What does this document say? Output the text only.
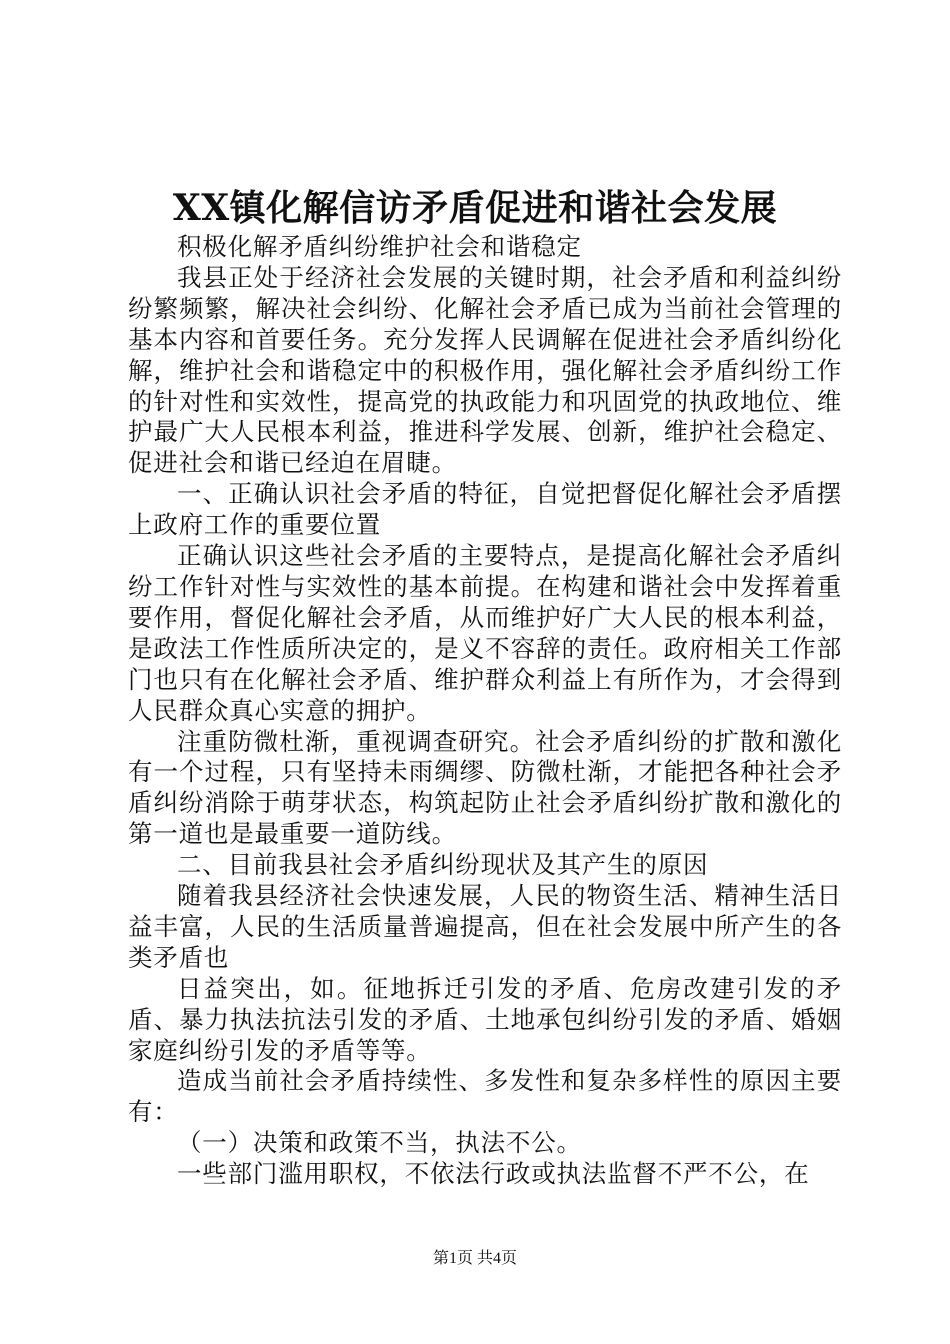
XX镇化解信访矛盾促进和谐社会发展

积极化解矛盾纠纷维护社会和谐稳定

我县正处于经济社会发展的关键时期，社会矛盾和利益纠纷纷繁频繁，解决社会纠纷、化解社会矛盾已成为当前社会管理的基本内容和首要任务。充分发挥人民调解在促进社会矛盾纠纷化解，维护社会和谐稳定中的积极作用，强化解社会矛盾纠纷工作的针对性和实效性，提高党的执政能力和巩固党的执政地位、维护最广大人民根本利益，推进科学发展、创新，维护社会稳定、促进社会和谐已经迫在眉睫。

一、正确认识社会矛盾的特征，自觉把督促化解社会矛盾摆上政府工作的重要位置

正确认识这些社会矛盾的主要特点，是提高化解社会矛盾纠纷工作针对性与实效性的基本前提。在构建和谐社会中发挥着重要作用，督促化解社会矛盾，从而维护好广大人民的根本利益，是政法工作性质所决定的，是义不容辞的责任。政府相关工作部门也只有在化解社会矛盾、维护群众利益上有所作为，才会得到人民群众真心实意的拥护。

注重防微杜渐，重视调查研究。社会矛盾纠纷的扩散和激化有一个过程，只有坚持未雨绸缪、防微杜渐，才能把各种社会矛盾纠纷消除于萌芽状态，构筑起防止社会矛盾纠纷扩散和激化的第一道也是最重要一道防线。

二、目前我县社会矛盾纠纷现状及其产生的原因

随着我县经济社会快速发展，人民的物资生活、精神生活日益丰富，人民的生活质量普遍提高，但在社会发展中所产生的各类矛盾也

日益突出，如。征地拆迁引发的矛盾、危房改建引发的矛盾、暴力执法抗法引发的矛盾、土地承包纠纷引发的矛盾、婚姻家庭纠纷引发的矛盾等等。

造成当前社会矛盾持续性、多发性和复杂多样性的原因主要有：

（一）决策和政策不当，执法不公。

一些部门滥用职权，不依法行政或执法监督不严不公，在

第1页 共4页
